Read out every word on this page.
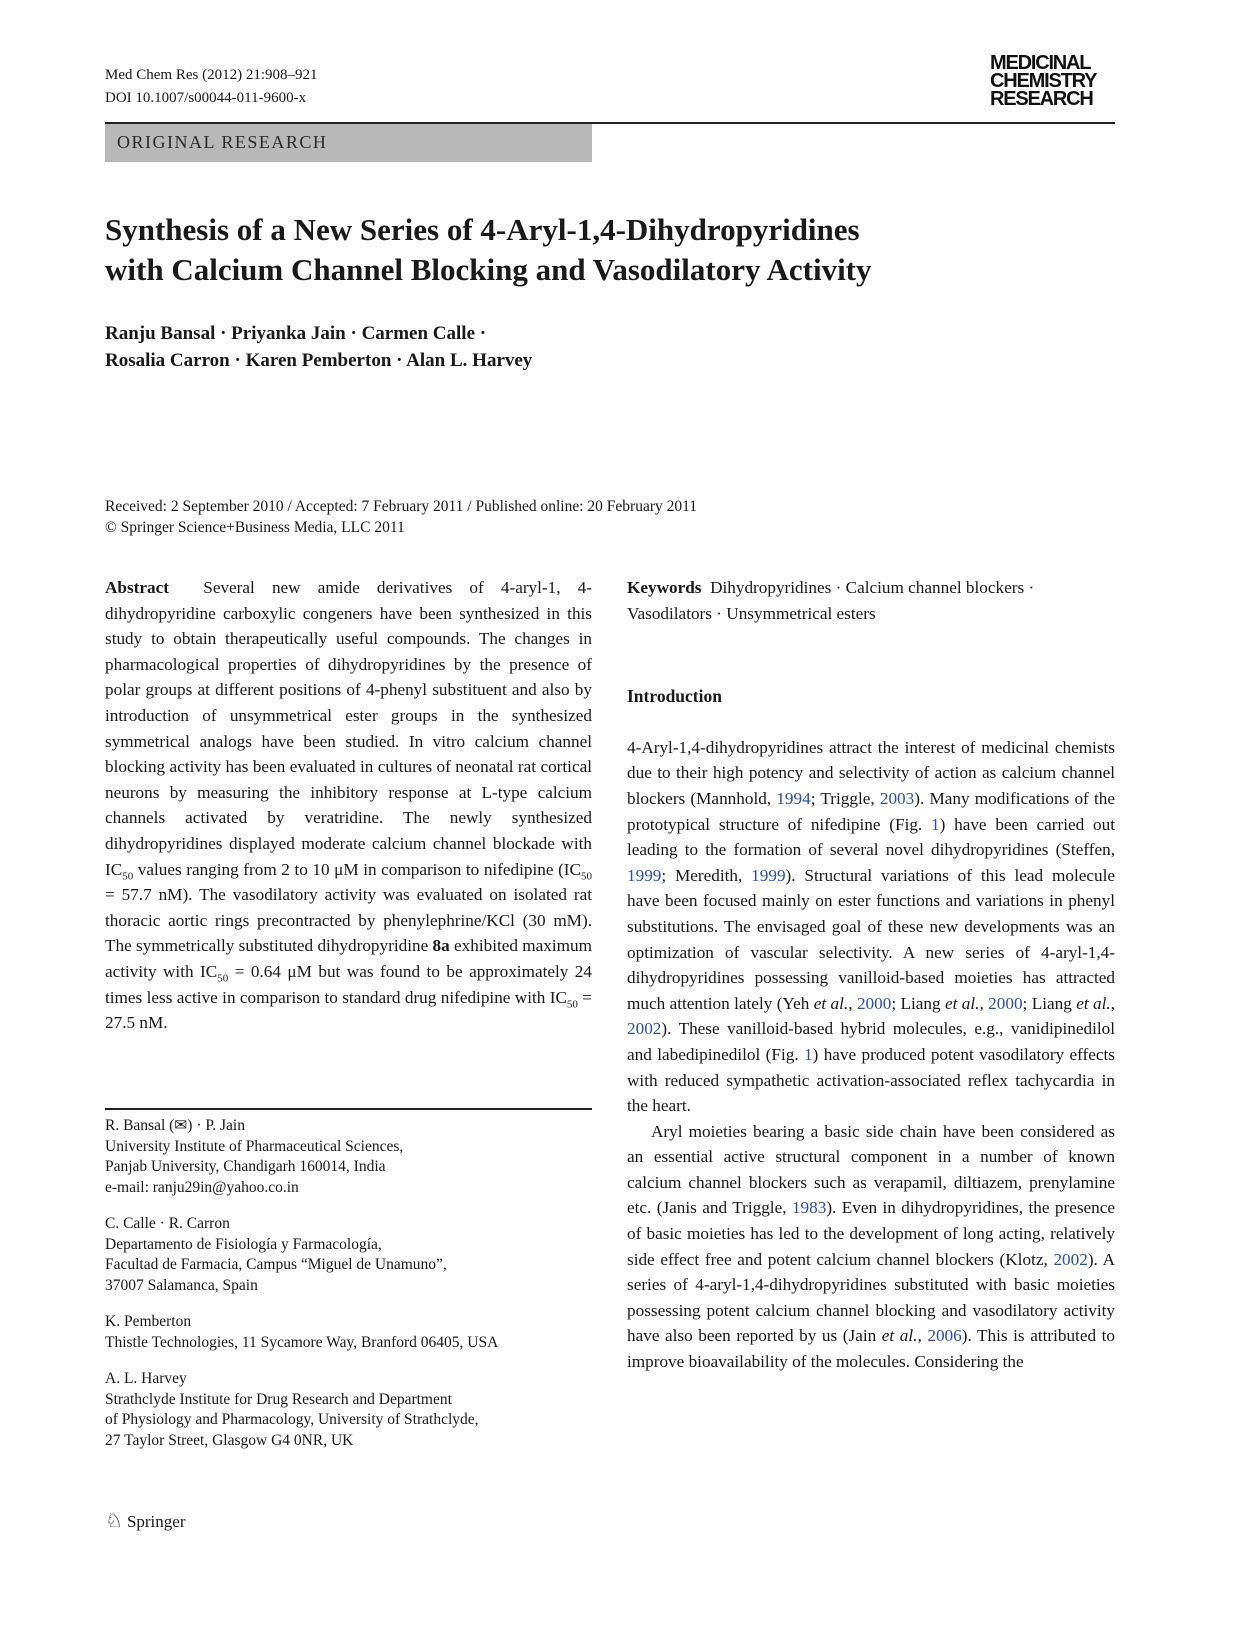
Med Chem Res (2012) 21:908–921
DOI 10.1007/s00044-011-9600-x
MEDICINAL
CHEMISTRY
RESEARCH
ORIGINAL RESEARCH
Synthesis of a New Series of 4-Aryl-1,4-Dihydropyridines
with Calcium Channel Blocking and Vasodilatory Activity
Ranju Bansal · Priyanka Jain · Carmen Calle ·
Rosalia Carron · Karen Pemberton · Alan L. Harvey
Received: 2 September 2010 / Accepted: 7 February 2011 / Published online: 20 February 2011
© Springer Science+Business Media, LLC 2011

Abstract Several new amide derivatives of 4-aryl-1, 4-dihydropyridine carboxylic congeners have been synthesized in this study to obtain therapeutically useful compounds. The changes in pharmacological properties of dihydropyridines by the presence of polar groups at different positions of 4-phenyl substituent and also by introduction of unsymmetrical ester groups in the synthesized symmetrical analogs have been studied. In vitro calcium channel blocking activity has been evaluated in cultures of neonatal rat cortical neurons by measuring the inhibitory response at L-type calcium channels activated by veratridine. The newly synthesized dihydropyridines displayed moderate calcium channel blockade with $IC_{50}$ values ranging from 2 to 10 μM in comparison to nifedipine ($IC_{50} = 57.7$ nM). The vasodilatory activity was evaluated on isolated rat thoracic aortic rings precontracted by phenylephrine/KCl (30 mM). The symmetrically substituted dihydropyridine 8a exhibited maximum activity with $IC_{50} = 0.64$ μM but was found to be approximately 24 times less active in comparison to standard drug nifedipine with $IC_{50} = 27.5$ nM.

R. Bansal (✉) · P. Jain
University Institute of Pharmaceutical Sciences,
Panjab University, Chandigarh 160014, India
e-mail: ranju29in@yahoo.co.in
C. Calle · R. Carron
Departamento de Fisiología y Farmacología,
Facultad de Farmacia, Campus “Miguel de Unamuno”,
37007 Salamanca, Spain
K. Pemberton
Thistle Technologies, 11 Sycamore Way, Branford 06405, USA
A. L. Harvey
Strathclyde Institute for Drug Research and Department
of Physiology and Pharmacology, University of Strathclyde,
27 Taylor Street, Glasgow G4 0NR, UK

Keywords Dihydropyridines · Calcium channel blockers · Vasodilators · Unsymmetrical esters

Introduction

4-Aryl-1,4-dihydropyridines attract the interest of medicinal chemists due to their high potency and selectivity of action as calcium channel blockers (Mannhold, 1994; Triggle, 2003). Many modifications of the prototypical structure of nifedipine (Fig. 1) have been carried out leading to the formation of several novel dihydropyridines (Steffen, 1999; Meredith, 1999). Structural variations of this lead molecule have been focused mainly on ester functions and variations in phenyl substitutions. The envisaged goal of these new developments was an optimization of vascular selectivity. A new series of 4-aryl-1,4-dihydropyridines possessing vanilloid-based moieties has attracted much attention lately (Yeh et al., 2000; Liang et al., 2000; Liang et al., 2002). These vanilloid-based hybrid molecules, e.g., vanidipinedilol and labedipinedilol (Fig. 1) have produced potent vasodilatory effects with reduced sympathetic activation-associated reflex tachycardia in the heart.

Aryl moieties bearing a basic side chain have been considered as an essential active structural component in a number of known calcium channel blockers such as verapamil, diltiazem, prenylamine etc. (Janis and Triggle, 1983). Even in dihydropyridines, the presence of basic moieties has led to the development of long acting, relatively side effect free and potent calcium channel blockers (Klotz, 2002). A series of 4-aryl-1,4-dihydropyridines substituted with basic moieties possessing potent calcium channel blocking and vasodilatory activity have also been reported by us (Jain et al., 2006). This is attributed to improve bioavailability of the molecules. Considering the

♘ Springer
